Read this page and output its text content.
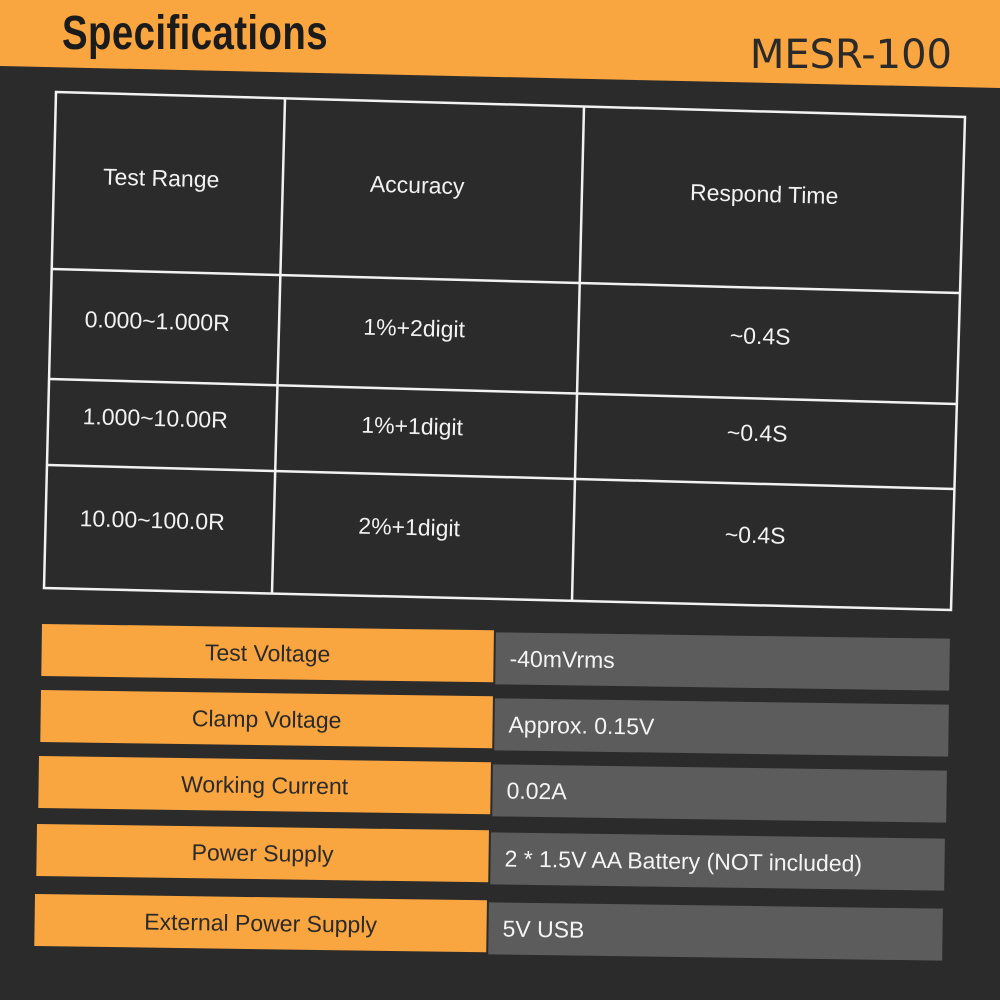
Specifications	MESR-100
Test Range	Accuracy	Respond Time
0.000~1.000R	1%+2digit	~0.4S
1.000~10.00R	1%+1digit	~0.4S
10.00~100.0R	2%+1digit	~0.4S
Test Voltage	-40mVrms
Clamp Voltage	Approx. 0.15V
Working Current	0.02A
Power Supply	2 * 1.5V AA Battery (NOT included)
External Power Supply	5V USB
